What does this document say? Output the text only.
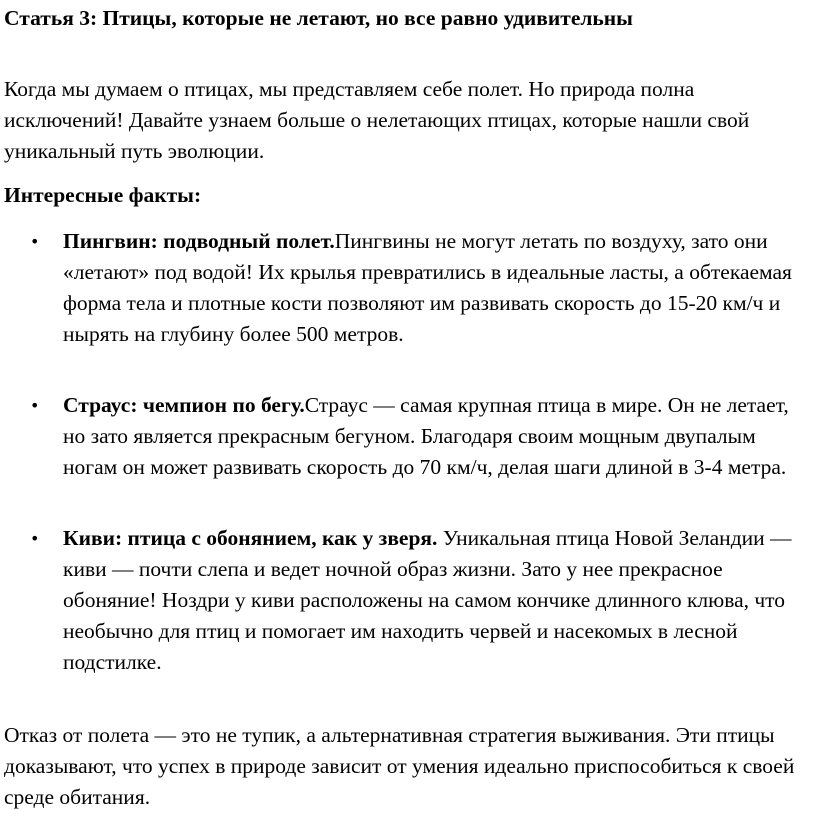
Статья 3: Птицы, которые не летают, но все равно удивительны

Когда мы думаем о птицах, мы представляем себе полет. Но природа полна исключений! Давайте узнаем больше о нелетающих птицах, которые нашли свой уникальный путь эволюции.

Интересные факты:
• Пингвин: подводный полет.Пингвины не могут летать по воздуху, зато они «летают» под водой! Их крылья превратились в идеальные ласты, а обтекаемая форма тела и плотные кости позволяют им развивать скорость до 15-20 км/ч и нырять на глубину более 500 метров.

• Страус: чемпион по бегу.Страус — самая крупная птица в мире. Он не летает, но зато является прекрасным бегуном. Благодаря своим мощным двупалым ногам он может развивать скорость до 70 км/ч, делая шаги длиной в 3-4 метра.

• Киви: птица с обонянием, как у зверя. Уникальная птица Новой Зеландии — киви — почти слепа и ведет ночной образ жизни. Зато у нее прекрасное обоняние! Ноздри у киви расположены на самом кончике длинного клюва, что необычно для птиц и помогает им находить червей и насекомых в лесной подстилке.

Отказ от полета — это не тупик, а альтернативная стратегия выживания. Эти птицы доказывают, что успех в природе зависит от умения идеально приспособиться к своей среде обитания.
